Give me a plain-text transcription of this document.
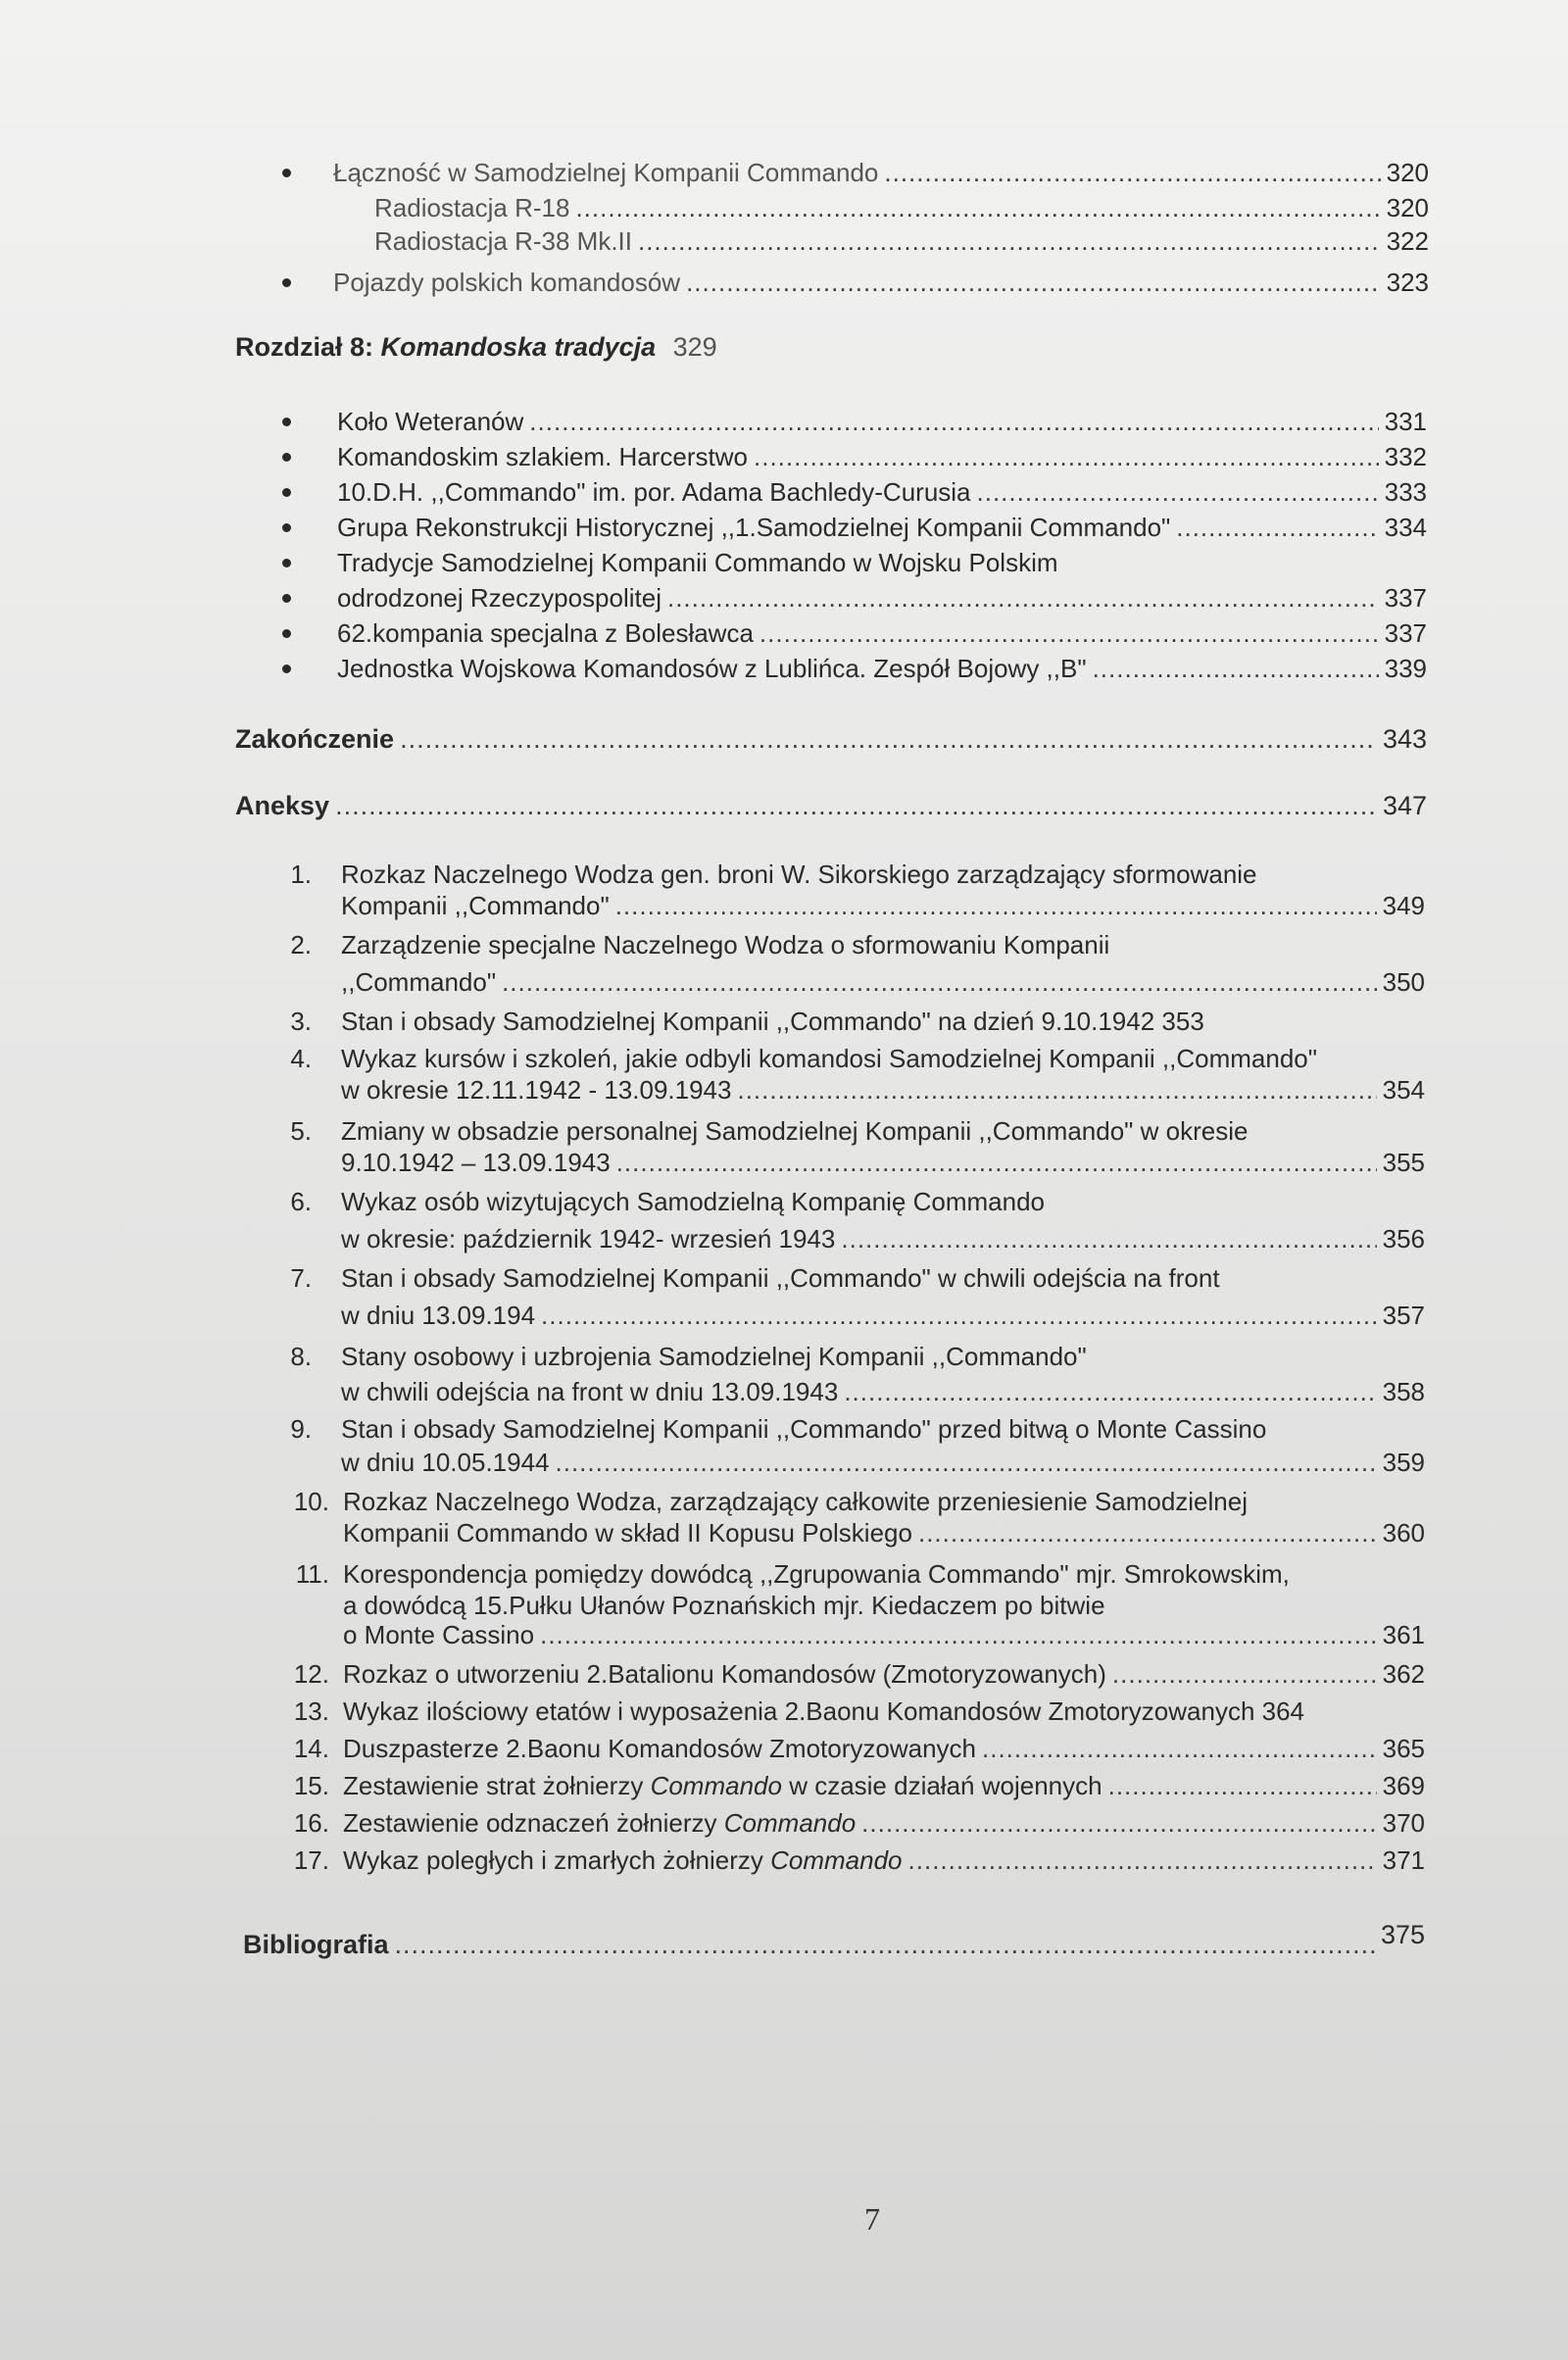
Łączność w Samodzielnej Kompanii Commando .....	320
Radiostacja R-18 .....	320
Radiostacja R-38 Mk.II .....	322
Pojazdy polskich komandosów .....	323
Rozdział 8: Komandoska tradycja 329
Koło Weteranów .....	331
Komandoskim szlakiem. Harcerstwo .....	332
10.D.H. ,,Commando" im. por. Adama Bachledy-Curusia .....	333
Grupa Rekonstrukcji Historycznej ,,1.Samodzielnej Kompanii Commando" .....	334
Tradycje Samodzielnej Kompanii Commando w Wojsku Polskim
odrodzonej Rzeczypospolitej .....	337
62.kompania specjalna z Bolesławca .....	337
Jednostka Wojskowa Komandosów z Lublińca. Zespół Bojowy ,,B" .....	339
Zakończenie .....	343
Aneksy .....	347
1. Rozkaz Naczelnego Wodza gen. broni W. Sikorskiego zarządzający sformowanie
Kompanii ,,Commando" .....	349
2. Zarządzenie specjalne Naczelnego Wodza o sformowaniu Kompanii
,,Commando" .....	350
3. Stan i obsady Samodzielnej Kompanii ,,Commando" na dzień 9.10.1942 353
4. Wykaz kursów i szkoleń, jakie odbyli komandosi Samodzielnej Kompanii ,,Commando"
w okresie 12.11.1942 - 13.09.1943 .....	354
5. Zmiany w obsadzie personalnej Samodzielnej Kompanii ,,Commando" w okresie
9.10.1942 – 13.09.1943 .....	355
6. Wykaz osób wizytujących Samodzielną Kompanię Commando
w okresie: październik 1942- wrzesień 1943 .....	356
7. Stan i obsady Samodzielnej Kompanii ,,Commando" w chwili odejścia na front
w dniu 13.09.194 .....	357
8. Stany osobowy i uzbrojenia Samodzielnej Kompanii ,,Commando"
w chwili odejścia na front w dniu 13.09.1943 .....	358
9. Stan i obsady Samodzielnej Kompanii ,,Commando" przed bitwą o Monte Cassino
w dniu 10.05.1944 .....	359
10. Rozkaz Naczelnego Wodza, zarządzający całkowite przeniesienie Samodzielnej
Kompanii Commando w skład II Kopusu Polskiego .....	360
11. Korespondencja pomiędzy dowódcą ,,Zgrupowania Commando" mjr. Smrokowskim,
a dowódcą 15.Pułku Ułanów Poznańskich mjr. Kiedaczem po bitwie
o Monte Cassino .....	361
12. Rozkaz o utworzeniu 2.Batalionu Komandosów (Zmotoryzowanych) .....	362
13. Wykaz ilościowy etatów i wyposażenia 2.Baonu Komandosów Zmotoryzowanych 364
14. Duszpasterze 2.Baonu Komandosów Zmotoryzowanych .....	365
15. Zestawienie strat żołnierzy Commando w czasie działań wojennych .....	369
16. Zestawienie odznaczeń żołnierzy Commando .....	370
17. Wykaz poległych i zmarłych żołnierzy Commando .....	371
Bibliografia .....	375
7
